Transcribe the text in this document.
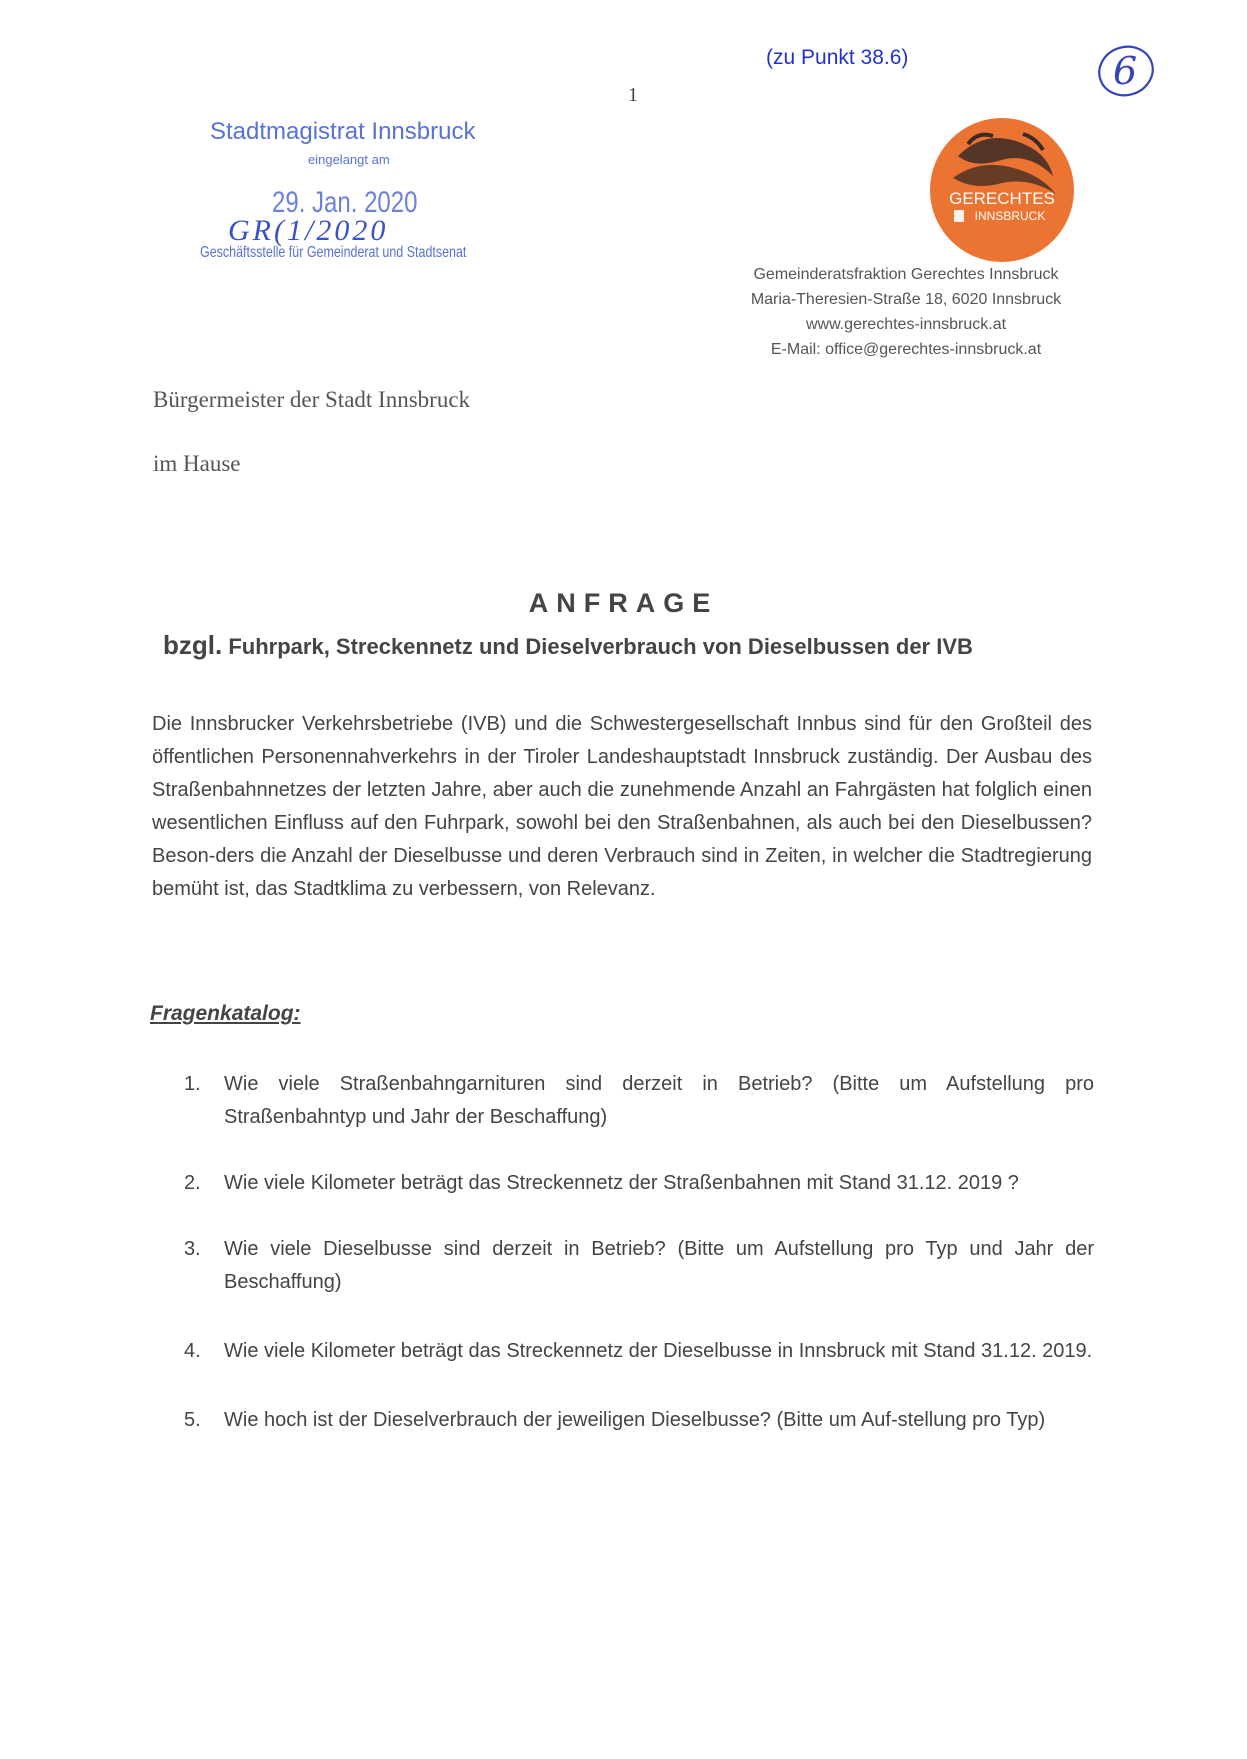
(zu Punkt 38.6)	6
1
Stadtmagistrat Innsbruck
eingelangt am
29. Jan. 2020
GR(1/2020
Geschäftsstelle für Gemeinderat und Stadtsenat
GERECHTES
INNSBRUCK
Gemeinderatsfraktion Gerechtes Innsbruck
Maria-Theresien-Straße 18, 6020 Innsbruck
www.gerechtes-innsbruck.at
E-Mail: office@gerechtes-innsbruck.at
Bürgermeister der Stadt Innsbruck
im Hause
ANFRAGE
bzgl. Fuhrpark, Streckennetz und Dieselverbrauch von Dieselbussen der IVB
Die Innsbrucker Verkehrsbetriebe (IVB) und die Schwestergesellschaft Innbus sind für den Großteil des öffentlichen Personennahverkehrs in der Tiroler Landeshauptstadt Innsbruck zuständig. Der Ausbau des Straßenbahnnetzes der letzten Jahre, aber auch die zunehmende Anzahl an Fahrgästen hat folglich einen wesentlichen Einfluss auf den Fuhrpark, sowohl bei den Straßenbahnen, als auch bei den Dieselbussen? Beson-ders die Anzahl der Dieselbusse und deren Verbrauch sind in Zeiten, in welcher die Stadtregierung bemüht ist, das Stadtklima zu verbessern, von Relevanz.
Fragenkatalog:
1.	Wie viele Straßenbahngarnituren sind derzeit in Betrieb? (Bitte um Aufstellung pro Straßenbahntyp und Jahr der Beschaffung)
2.	Wie viele Kilometer beträgt das Streckennetz der Straßenbahnen mit Stand 31.12. 2019 ?
3.	Wie viele Dieselbusse sind derzeit in Betrieb? (Bitte um Aufstellung pro Typ und Jahr der Beschaffung)
4.	Wie viele Kilometer beträgt das Streckennetz der Dieselbusse in Innsbruck mit Stand 31.12. 2019.
5.	Wie hoch ist der Dieselverbrauch der jeweiligen Dieselbusse? (Bitte um Auf-stellung pro Typ)
